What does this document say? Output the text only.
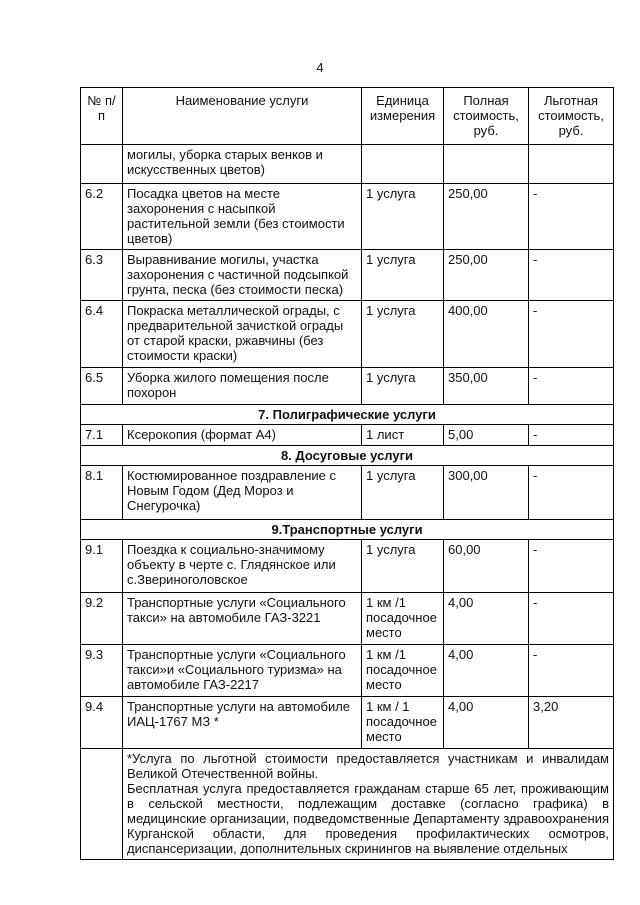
4
№ п/п	Наименование услуги	Единица измерения	Полная стоимость, руб.	Льготная стоимость, руб.
	могилы, уборка старых венков и искусственных цветов)			
6.2	Посадка цветов на месте захоронения с насыпкой растительной земли (без стоимости цветов)	1 услуга	250,00	-
6.3	Выравнивание могилы, участка захоронения с частичной подсыпкой грунта, песка (без стоимости песка)	1 услуга	250,00	-
6.4	Покраска металлической ограды, с предварительной зачисткой ограды от старой краски, ржавчины (без стоимости краски)	1 услуга	400,00	-
6.5	Уборка жилого помещения после похорон	1 услуга	350,00	-
7. Полиграфические услуги				
7.1	Ксерокопия (формат А4)	1 лист	5,00	-
8. Досуговые услуги				
8.1	Костюмированное поздравление с Новым Годом (Дед Мороз и Снегурочка)	1 услуга	300,00	-
9.Транспортные услуги				
9.1	Поездка к социально-значимому объекту в черте с. Глядянское или с.Звериноголовское	1 услуга	60,00	-
9.2	Транспортные услуги «Социального такси» на автомобиле ГАЗ-3221	1 км /1 посадочное место	4,00	-
9.3	Транспортные услуги «Социального такси»и «Социального туризма» на автомобиле ГАЗ-2217	1 км /1 посадочное место	4,00	-
9.4	Транспортные услуги на автомобиле ИАЦ-1767 МЗ *	1 км / 1 посадочное место	4,00	3,20

	*Услуга по льготной стоимости предоставляется участникам и инвалидам Великой Отечественной войны.

Бесплатная услуга предоставляется гражданам старше 65 лет, проживающим в сельской местности, подлежащим доставке (согласно графика) в медицинские организации, подведомственные Департаменту здравоохранения Курганской области, для проведения профилактических осмотров, диспансеризации, дополнительных скринингов на выявление отдельных			
